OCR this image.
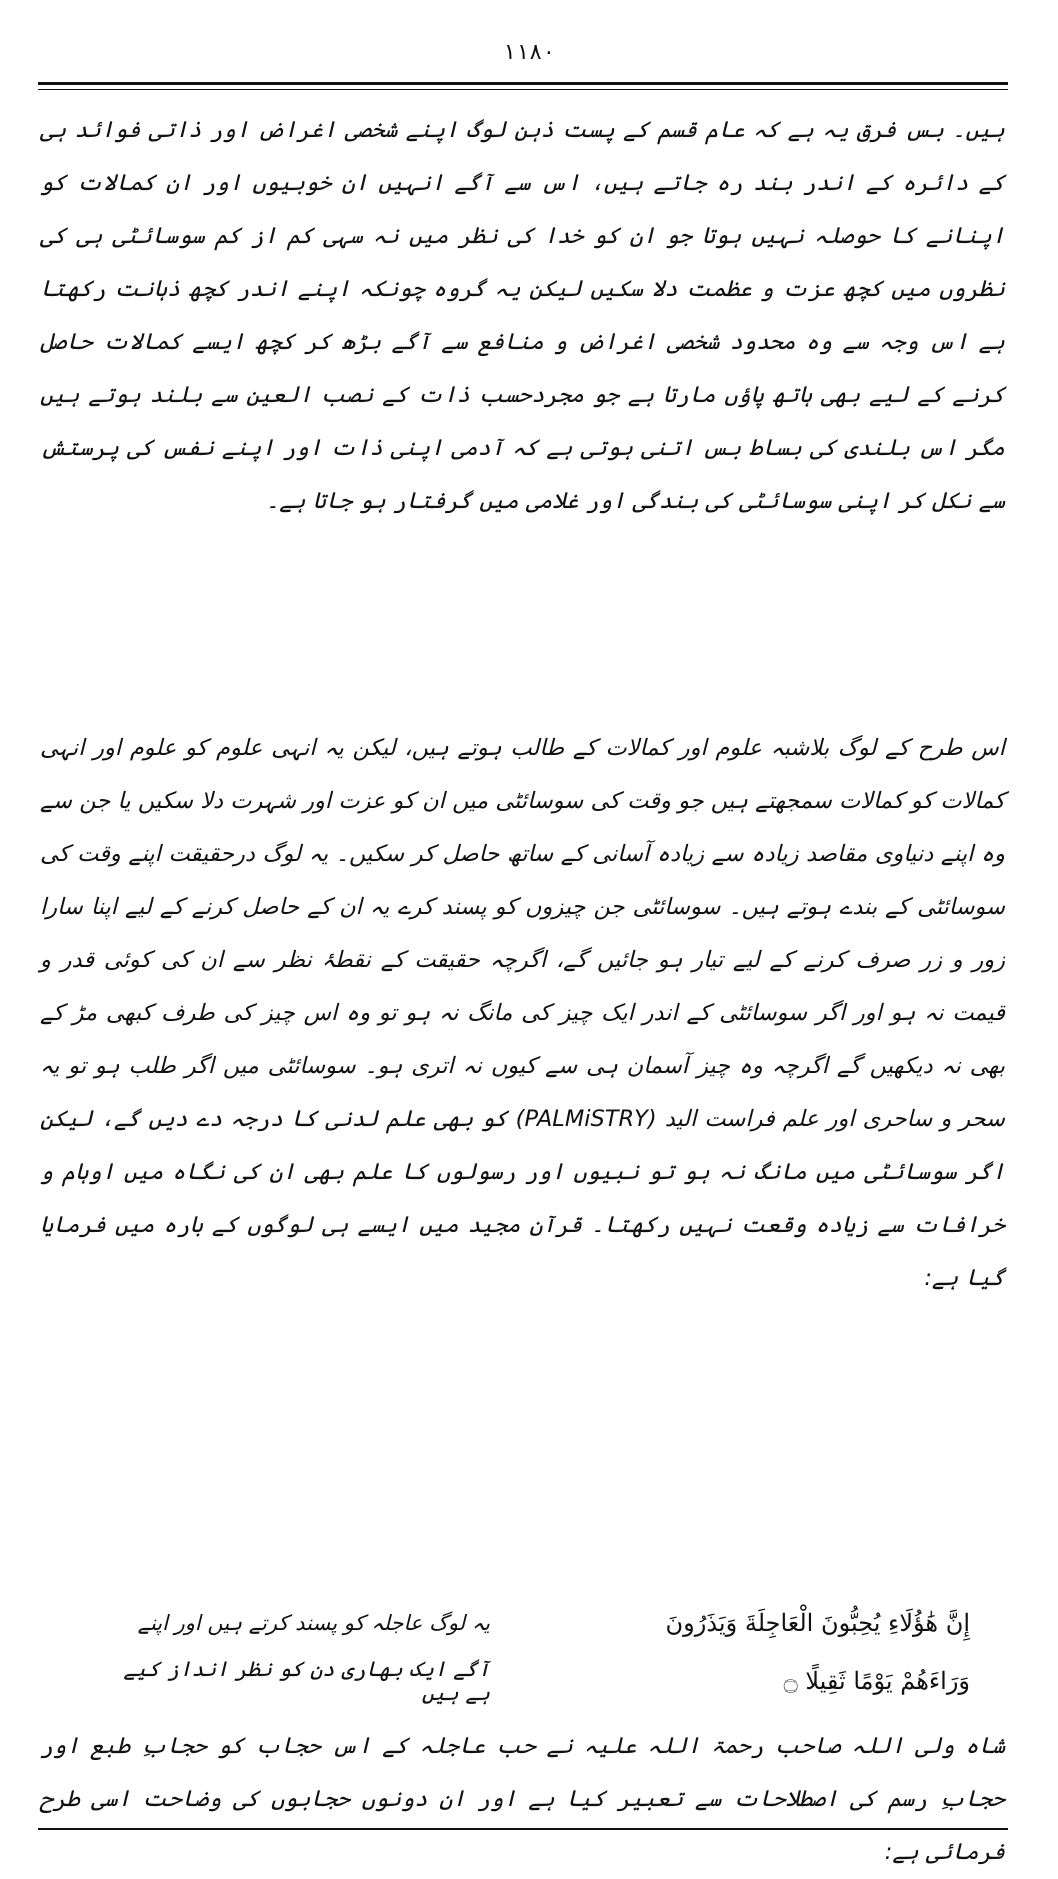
۱۱۸۰

ہیں۔ بس فرق یہ ہے کہ عام قسم کے پست ذہن لوگ اپنے شخصی اغراض اور ذاتی فوائد ہی کے دائرہ کے اندر بند رہ جاتے ہیں، اس سے آگے انہیں ان خوبیوں اور ان کمالات کو اپنانے کا حوصلہ نہیں ہوتا جو ان کو خدا کی نظر میں نہ سہی کم از کم سوسائٹی ہی کی نظروں میں کچھ عزت و عظمت دلا سکیں لیکن یہ گروہ چونکہ اپنے اندر کچھ ذہانت رکھتا ہے اس وجہ سے وہ محدود شخصی اغراض و منافع سے آگے بڑھ کر کچھ ایسے کمالات حاصل کرنے کے لیے بھی ہاتھ پاؤں مارتا ہے جو مجردحسب ذات کے نصب العین سے بلند ہوتے ہیں مگر اس بلندی کی بساط بس اتنی ہوتی ہے کہ آدمی اپنی ذات اور اپنے نفس کی پرستش سے نکل کر اپنی سوسائٹی کی بندگی اور غلامی میں گرفتار ہو جاتا ہے۔

اس طرح کے لوگ بلاشبہ علوم اور کمالات کے طالب ہوتے ہیں، لیکن یہ انہی علوم کو علوم اور انہی کمالات کو کمالات سمجھتے ہیں جو وقت کی سوسائٹی میں ان کو عزت اور شہرت دلا سکیں یا جن سے وہ اپنے دنیاوی مقاصد زیادہ سے زیادہ آسانی کے ساتھ حاصل کر سکیں۔ یہ لوگ درحقیقت اپنے وقت کی سوسائٹی کے بندے ہوتے ہیں۔ سوسائٹی جن چیزوں کو پسند کرے یہ ان کے حاصل کرنے کے لیے اپنا سارا زور و زر صرف کرنے کے لیے تیار ہو جائیں گے، اگرچہ حقیقت کے نقطۂ نظر سے ان کی کوئی قدر و قیمت نہ ہو اور اگر سوسائٹی کے اندر ایک چیز کی مانگ نہ ہو تو وہ اس چیز کی طرف کبھی مڑ کے بھی نہ دیکھیں گے اگرچہ وہ چیز آسمان ہی سے کیوں نہ اتری ہو۔ سوسائٹی میں اگر طلب ہو تو یہ سحر و ساحری اور علم فراست الید (PALMiSTRY) کو بھی علم لدنی کا درجہ دے دیں گے، لیکن اگر سوسائٹی میں مانگ نہ ہو تو نبیوں اور رسولوں کا علم بھی ان کی نگاہ میں اوہام و خرافات سے زیادہ وقعت نہیں رکھتا۔ قرآن مجید میں ایسے ہی لوگوں کے بارہ میں فرمایا گیا ہے:

إِنَّ هَٰؤُلَاءِ يُحِبُّونَ الْعَاجِلَةَ وَيَذَرُونَ
یہ لوگ عاجلہ کو پسند کرتے ہیں اور اپنے
وَرَاءَهُمْ يَوْمًا ثَقِيلًا ۝
آگے ایک بھاری دن کو نظر انداز کیے ہے ہیں

شاہ ولی اللہ صاحب رحمۃ اللہ علیہ نے حب عاجلہ کے اس حجاب کو حجابِ طبع اور حجابِ رسم کی اصطلاحات سے تعبیر کیا ہے اور ان دونوں حجابوں کی وضاحت اسی طرح فرمائی ہے:
